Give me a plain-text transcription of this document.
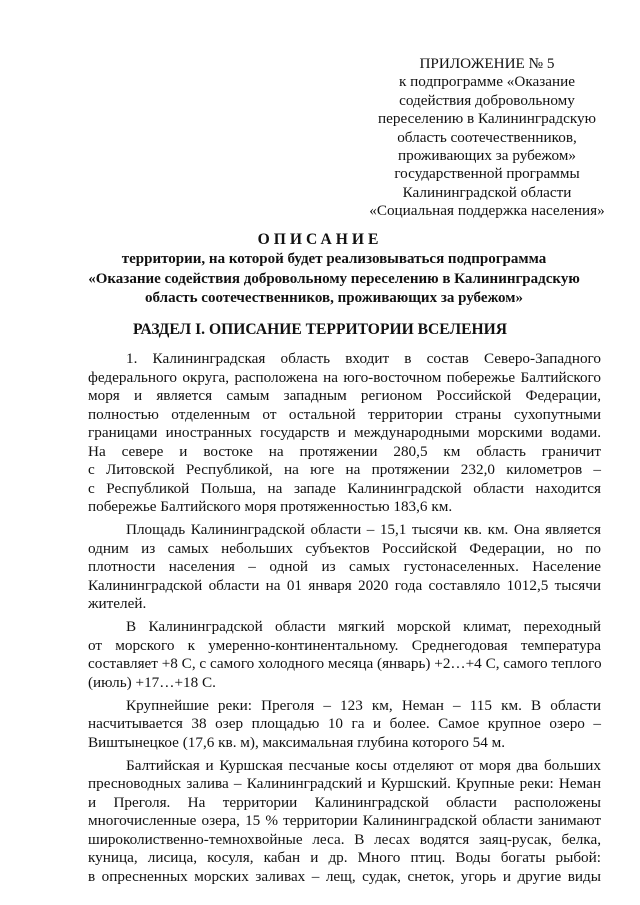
ПРИЛОЖЕНИЕ № 5
к подпрограмме «Оказание
содействия добровольному
переселению в Калининградскую
область соотечественников,
проживающих за рубежом»
государственной программы
Калининградской области
«Социальная поддержка населения»
ОПИСАНИЕ
территории, на которой будет реализовываться подпрограмма
«Оказание содействия добровольному переселению в Калининградскую
область соотечественников, проживающих за рубежом»
РАЗДЕЛ I. ОПИСАНИЕ ТЕРРИТОРИИ ВСЕЛЕНИЯ

1. Калининградская область входит в состав Северо-Западного
федерального округа, расположена на юго-восточном побережье Балтийского
моря и является самым западным регионом Российской Федерации,
полностью отделенным от остальной территории страны сухопутными
границами иностранных государств и международными морскими водами.
На севере и востоке на протяжении 280,5 км область граничит
с Литовской Республикой, на юге на протяжении 232,0 километров –
с Республикой Польша, на западе Калининградской области находится
побережье Балтийского моря протяженностью 183,6 км.

Площадь Калининградской области – 15,1 тысячи кв. км. Она является
одним из самых небольших субъектов Российской Федерации, но по
плотности населения – одной из самых густонаселенных. Население
Калининградской области на 01 января 2020 года составляло 1012,5 тысячи
жителей.

В Калининградской области мягкий морской климат, переходный
от морского к умеренно-континентальному. Среднегодовая температура
составляет +8 С, с самого холодного месяца (январь) +2…+4 С, самого теплого
(июль) +17…+18 С.

Крупнейшие реки: Преголя – 123 км, Неман – 115 км. В области
насчитывается 38 озер площадью 10 га и более. Самое крупное озеро –
Виштынецкое (17,6 кв. м), максимальная глубина которого 54 м.

Балтийская и Куршская песчаные косы отделяют от моря два больших
пресноводных залива – Калининградский и Куршский. Крупные реки: Неман
и Преголя. На территории Калининградской области расположены
многочисленные озера, 15 % территории Калининградской области занимают
широколиственно-темнохвойные леса. В лесах водятся заяц-русак, белка,
куница, лисица, косуля, кабан и др. Много птиц. Воды богаты рыбой:
в опресненных морских заливах – лещ, судак, снеток, угорь и другие виды
